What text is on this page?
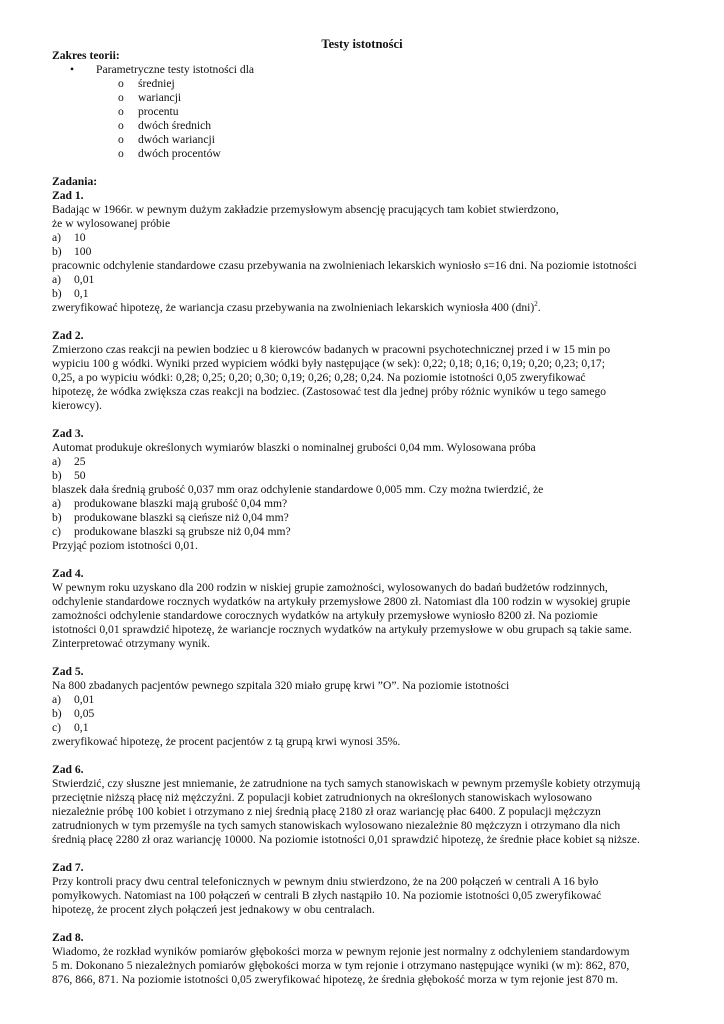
Testy istotności
Zakres teorii:
• Parametryczne testy istotności dla
o średniej
o wariancji
o procentu
o dwóch średnich
o dwóch wariancji
o dwóch procentów
Zadania:
Zad 1.
Badając w 1966r. w pewnym dużym zakładzie przemysłowym absencję pracujących tam kobiet stwierdzono,
że w wylosowanej próbie
a) 10
b) 100
pracownic odchylenie standardowe czasu przebywania na zwolnieniach lekarskich wyniosło s=16 dni. Na poziomie istotności
a) 0,01
b) 0,1
zweryfikować hipotezę, że wariancja czasu przebywania na zwolnieniach lekarskich wyniosła 400 (dni)$^2$.
Zad 2.
Zmierzono czas reakcji na pewien bodziec u 8 kierowców badanych w pracowni psychotechnicznej przed i w 15 min po
wypiciu 100 g wódki. Wyniki przed wypiciem wódki były następujące (w sek): 0,22; 0,18; 0,16; 0,19; 0,20; 0,23; 0,17;
0,25, a po wypiciu wódki: 0,28; 0,25; 0,20; 0,30; 0,19; 0,26; 0,28; 0,24. Na poziomie istotności 0,05 zweryfikować
hipotezę, że wódka zwiększa czas reakcji na bodziec. (Zastosować test dla jednej próby różnic wyników u tego samego
kierowcy).
Zad 3.
Automat produkuje określonych wymiarów blaszki o nominalnej grubości 0,04 mm. Wylosowana próba
a) 25
b) 50
blaszek dała średnią grubość 0,037 mm oraz odchylenie standardowe 0,005 mm. Czy można twierdzić, że
a) produkowane blaszki mają grubość 0,04 mm?
b) produkowane blaszki są cieńsze niż 0,04 mm?
c) produkowane blaszki są grubsze niż 0,04 mm?
Przyjąć poziom istotności 0,01.
Zad 4.
W pewnym roku uzyskano dla 200 rodzin w niskiej grupie zamożności, wylosowanych do badań budżetów rodzinnych,
odchylenie standardowe rocznych wydatków na artykuły przemysłowe 2800 zł. Natomiast dla 100 rodzin w wysokiej grupie
zamożności odchylenie standardowe corocznych wydatków na artykuły przemysłowe wyniosło 8200 zł. Na poziomie
istotności 0,01 sprawdzić hipotezę, że wariancje rocznych wydatków na artykuły przemysłowe w obu grupach są takie same.
Zinterpretować otrzymany wynik.
Zad 5.
Na 800 zbadanych pacjentów pewnego szpitala 320 miało grupę krwi ”O”. Na poziomie istotności
a) 0,01
b) 0,05
c) 0,1
zweryfikować hipotezę, że procent pacjentów z tą grupą krwi wynosi 35%.
Zad 6.
Stwierdzić, czy słuszne jest mniemanie, że zatrudnione na tych samych stanowiskach w pewnym przemyśle kobiety otrzymują
przeciętnie niższą płacę niż mężczyźni. Z populacji kobiet zatrudnionych na określonych stanowiskach wylosowano
niezależnie próbę 100 kobiet i otrzymano z niej średnią płacę 2180 zł oraz wariancję płac 6400. Z populacji mężczyzn
zatrudnionych w tym przemyśle na tych samych stanowiskach wylosowano niezależnie 80 mężczyzn i otrzymano dla nich
średnią płacę 2280 zł oraz wariancję 10000. Na poziomie istotności 0,01 sprawdzić hipotezę, że średnie płace kobiet są niższe.
Zad 7.
Przy kontroli pracy dwu central telefonicznych w pewnym dniu stwierdzono, że na 200 połączeń w centrali A 16 było
pomyłkowych. Natomiast na 100 połączeń w centrali B złych nastąpiło 10. Na poziomie istotności 0,05 zweryfikować
hipotezę, że procent złych połączeń jest jednakowy w obu centralach.
Zad 8.
Wiadomo, że rozkład wyników pomiarów głębokości morza w pewnym rejonie jest normalny z odchyleniem standardowym
5 m. Dokonano 5 niezależnych pomiarów głębokości morza w tym rejonie i otrzymano następujące wyniki (w m): 862, 870,
876, 866, 871. Na poziomie istotności 0,05 zweryfikować hipotezę, że średnia głębokość morza w tym rejonie jest 870 m.
